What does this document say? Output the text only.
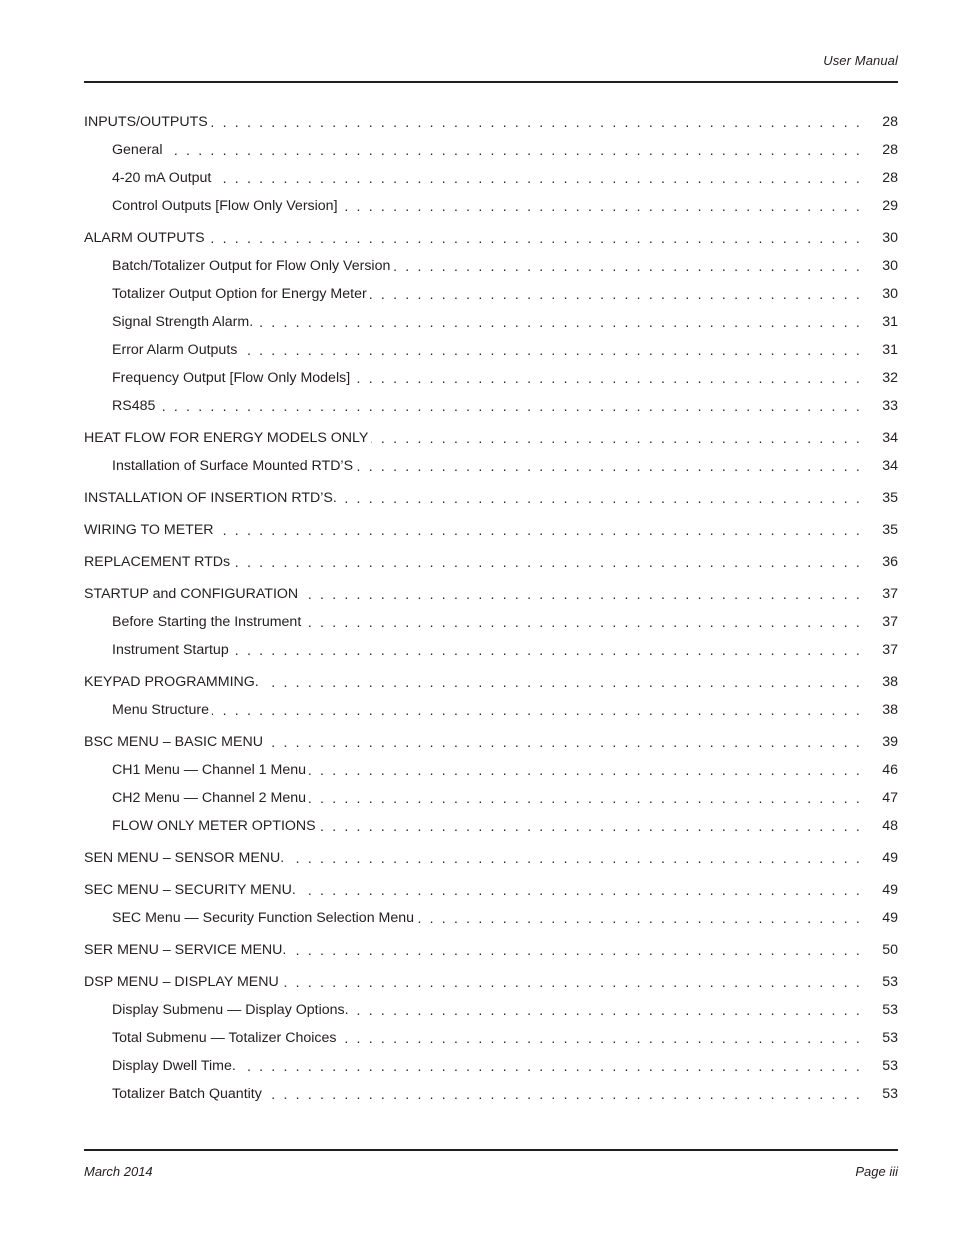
User Manual
INPUTS/OUTPUTS . . .	28
General . . .	28
4-20 mA Output . . .	28
Control Outputs [Flow Only Version] . . .	29
ALARM OUTPUTS . . .	30
Batch/Totalizer Output for Flow Only Version . . .	30
Totalizer Output Option for Energy Meter . . .	30
Signal Strength Alarm. . . .	31
Error Alarm Outputs . . .	31
Frequency Output [Flow Only Models] . . .	32
RS485 . . .	33
HEAT FLOW FOR ENERGY MODELS ONLY . . .	34
Installation of Surface Mounted RTD’S . . .	34
INSTALLATION OF INSERTION RTD’S. . . .	35
WIRING TO METER . . .	35
REPLACEMENT RTDs . . .	36
STARTUP and CONFIGURATION . . .	37
Before Starting the Instrument . . .	37
Instrument Startup . . .	37
KEYPAD PROGRAMMING. . . .	38
Menu Structure . . .	38
BSC MENU – BASIC MENU . . .	39
CH1 Menu — Channel 1 Menu . . .	46
CH2 Menu — Channel 2 Menu . . .	47
FLOW ONLY METER OPTIONS . . .	48
SEN MENU – SENSOR MENU. . . .	49
SEC MENU – SECURITY MENU. . . .	49
SEC Menu — Security Function Selection Menu . . .	49
SER MENU – SERVICE MENU. . . .	50
DSP MENU – DISPLAY MENU . . .	53
Display Submenu — Display Options. . . .	53
Total Submenu — Totalizer Choices . . .	53
Display Dwell Time. . . .	53
Totalizer Batch Quantity . . .	53
March 2014	Page iii
